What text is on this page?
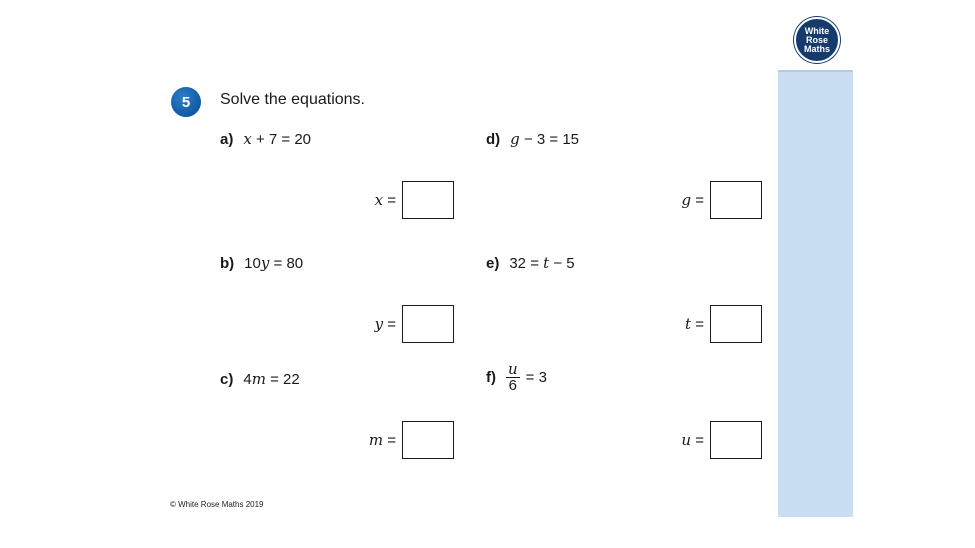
White
Rose
Maths
5 Solve the equations.
a) x + 7 = 20
x =
b) 10 y = 80
y =
c) 4 m = 22
m =
d) g − 3 = 15
g =
e) 32 = t − 5
t =
$f) \frac{u}{6} = 3$
u =
© White Rose Maths 2019
